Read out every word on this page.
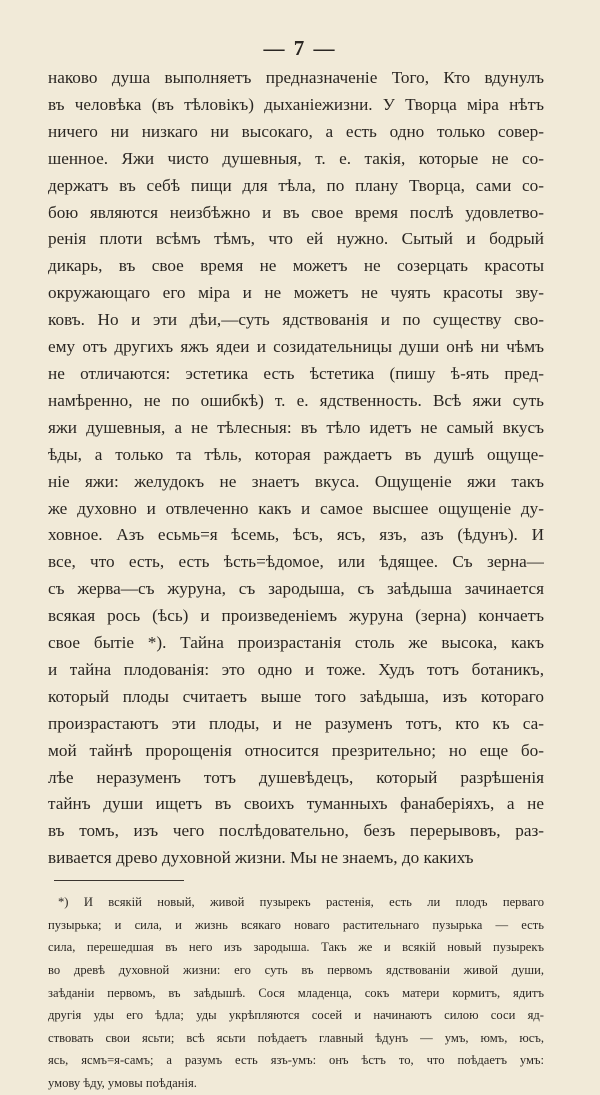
— 7 —
наково душа выполняетъ предназначеніе Того, Кто вдунулъ
въ человѣка (въ тѣловікъ) дыханіежизни. У Творца міра нѣтъ
ничего ни низкаго ни высокаго, а есть одно только совер-
шенное. Яжи чисто душевныя, т. е. такія, которые не со-
держатъ въ себѣ пищи для тѣла, по плану Творца, сами со-
бою являются неизбѣжно и въ свое время послѣ удовлетво-
ренія плоти всѣмъ тѣмъ, что ей нужно. Сытый и бодрый
дикарь, въ свое время не можетъ не созерцать красоты
окружающаго его міра и не можетъ не чуять красоты зву-
ковъ. Но и эти дѣи,—суть ядствованія и по существу сво-
ему отъ другихъ яжъ ядеи и созидательницы души онѣ ни чѣмъ
не отличаются: эстетика есть ѣстетика (пишу ѣ-ять пред-
намѣренно, не по ошибкѣ) т. е. ядственность. Всѣ яжи суть
яжи душевныя, а не тѣлесныя: въ тѣло идетъ не самый вкусъ
ѣды, а только та тѣль, которая раждаетъ въ душѣ ощуще-
ніе яжи: желудокъ не знаетъ вкуса. Ощущеніе яжи такъ
же духовно и отвлеченно какъ и самое высшее ощущеніе ду-
ховное. Азъ есьмь=я ѣсемь, ѣсъ, ясъ, язъ, азъ (ѣдунъ). И
все, что есть, есть ѣсть=ѣдомое, или ѣдящее. Съ зерна—
съ жерва—съ журуна, съ зародыша, съ заѣдыша зачинается
всякая рось (ѣсь) и произведеніемъ журуна (зерна) кончаетъ
свое бытіе *). Тайна произрастанія столь же высока, какъ
и тайна плодованія: это одно и тоже. Худъ тотъ ботаникъ,
который плоды считаетъ выше того заѣдыша, изъ котораго
произрастаютъ эти плоды, и не разуменъ тотъ, кто къ са-
мой тайнѣ пророщенія относится презрительно; но еще бо-
лѣе неразуменъ тотъ душевѣдецъ, который разрѣшенія
тайнъ души ищетъ въ своихъ туманныхъ фанаберіяхъ, а не
въ томъ, изъ чего послѣдовательно, безъ перерывовъ, раз-
вивается древо духовной жизни. Мы не знаемъ, до какихъ
*) И всякій новый, живой пузырекъ растенія, есть ли плодъ перваго
пузырька; и сила, и жизнь всякаго новаго растительнаго пузырька — есть
сила, перешедшая въ него изъ зародыша. Такъ же и всякій новый пузырекъ
во древѣ духовной жизни: его суть въ первомъ ядствованіи живой души,
заѣданіи первомъ, въ заѣдышѣ. Сося младенца, сокъ матери кормитъ, ядитъ
другія уды его ѣдла; уды укрѣпляются сосей и начинаютъ силою соси яд-
ствовать свои ясьти; всѣ ясьти поѣдаетъ главный ѣдунъ — умъ, юмъ, юсъ,
ясь, ясмъ=я-самъ; а разумъ есть язъ-умъ: онъ ѣстъ то, что поѣдаетъ умъ:
умову ѣду, умовы поѣданія.
